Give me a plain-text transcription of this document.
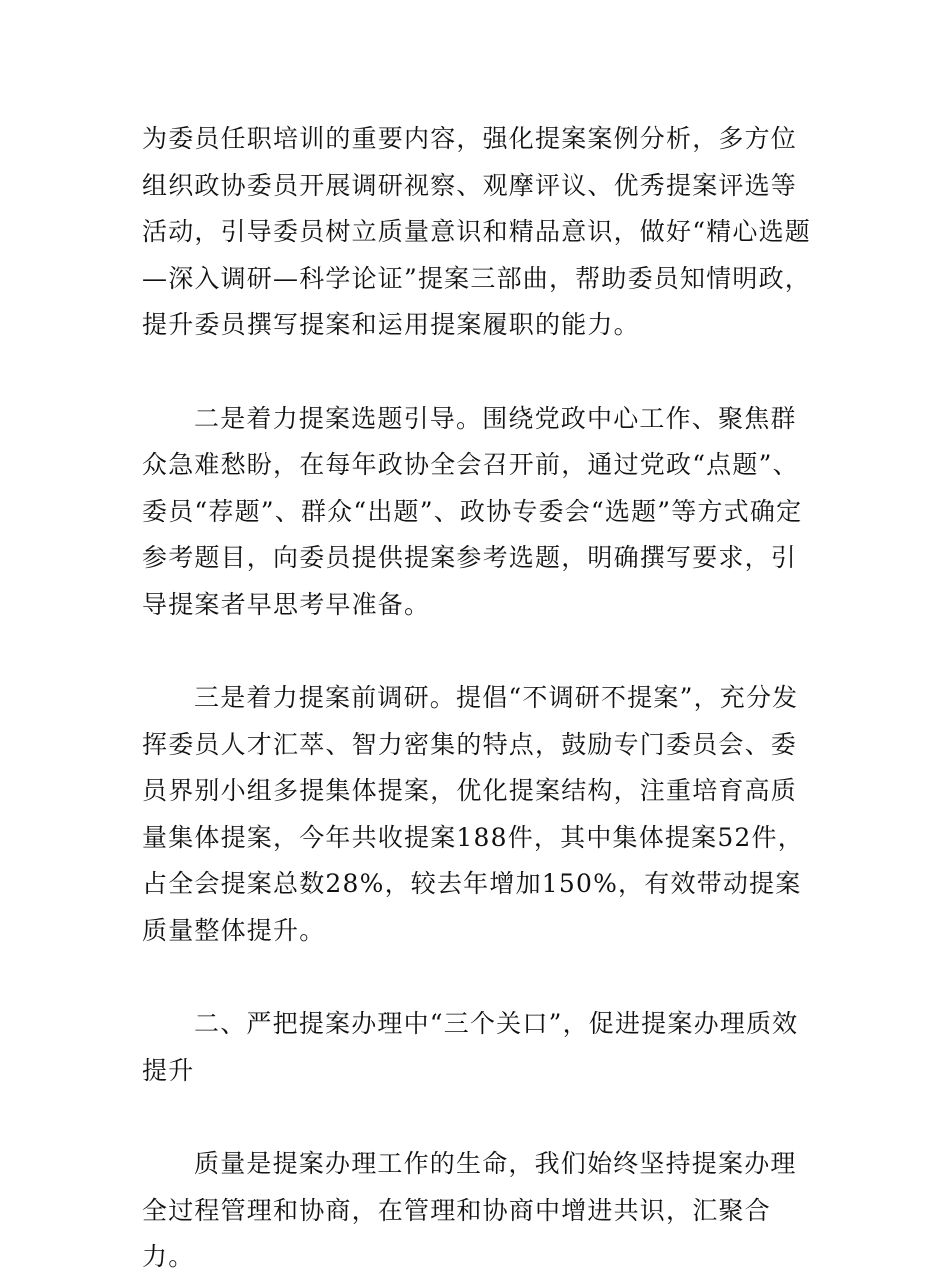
为委员任职培训的重要内容，强化提案案例分析，多方位组织政协委员开展调研视察、观摩评议、优秀提案评选等活动，引导委员树立质量意识和精品意识，做好“精心选题—深入调研—科学论证”提案三部曲，帮助委员知情明政，提升委员撰写提案和运用提案履职的能力。

二是着力提案选题引导。围绕党政中心工作、聚焦群众急难愁盼，在每年政协全会召开前，通过党政“点题”、委员“荐题”、群众“出题”、政协专委会“选题”等方式确定参考题目，向委员提供提案参考选题，明确撰写要求，引导提案者早思考早准备。

三是着力提案前调研。提倡“不调研不提案”，充分发挥委员人才汇萃、智力密集的特点，鼓励专门委员会、委员界别小组多提集体提案，优化提案结构，注重培育高质量集体提案，今年共收提案188件，其中集体提案52件，占全会提案总数28%，较去年增加150%，有效带动提案质量整体提升。

二、严把提案办理中“三个关口”，促进提案办理质效提升

质量是提案办理工作的生命，我们始终坚持提案办理全过程管理和协商，在管理和协商中增进共识，汇聚合力。
